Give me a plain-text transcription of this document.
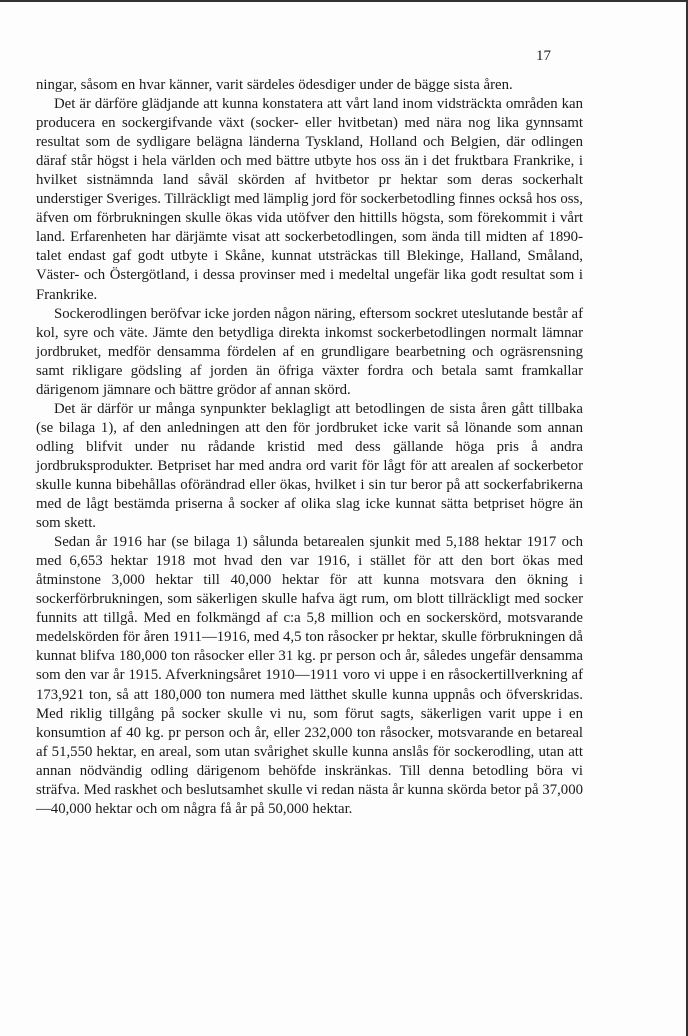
17

ningar, såsom en hvar känner, varit särdeles ödesdiger under de bägge sista åren.

Det är därföre glädjande att kunna konstatera att vårt land inom vidsträckta områden kan producera en sockergifvande växt (socker- eller hvitbetan) med nära nog lika gynnsamt resultat som de sydligare belägna länderna Tyskland, Holland och Belgien, där odlingen däraf står högst i hela världen och med bättre utbyte hos oss än i det fruktbara Frankrike, i hvilket sistnämnda land såväl skörden af hvitbetor pr hektar som deras sockerhalt understiger Sveriges. Tillräckligt med lämplig jord för sockerbetodling finnes också hos oss, äfven om förbrukningen skulle ökas vida utöfver den hittills högsta, som förekommit i vårt land. Erfarenheten har därjämte visat att sockerbetodlingen, som ända till midten af 1890-talet endast gaf godt utbyte i Skåne, kunnat utsträckas till Blekinge, Halland, Småland, Väster- och Östergötland, i dessa provinser med i medeltal ungefär lika godt resultat som i Frankrike.

Sockerodlingen beröfvar icke jorden någon näring, eftersom sockret uteslutande består af kol, syre och väte. Jämte den betydliga direkta inkomst sockerbetodlingen normalt lämnar jordbruket, medför densamma fördelen af en grundligare bearbetning och ogräsrensning samt rikligare gödsling af jorden än öfriga växter fordra och betala samt framkallar därigenom jämnare och bättre grödor af annan skörd.

Det är därför ur många synpunkter beklagligt att betodlingen de sista åren gått tillbaka (se bilaga 1), af den anledningen att den för jordbruket icke varit så lönande som annan odling blifvit under nu rådande kristid med dess gällande höga pris å andra jordbruksprodukter. Betpriset har med andra ord varit för lågt för att arealen af sockerbetor skulle kunna bibehållas oförändrad eller ökas, hvilket i sin tur beror på att sockerfabrikerna med de lågt bestämda priserna å socker af olika slag icke kunnat sätta betpriset högre än som skett.

Sedan år 1916 har (se bilaga 1) sålunda betarealen sjunkit med 5,188 hektar 1917 och med 6,653 hektar 1918 mot hvad den var 1916, i stället för att den bort ökas med åtminstone 3,000 hektar till 40,000 hektar för att kunna motsvara den ökning i sockerförbrukningen, som säkerligen skulle hafva ägt rum, om blott tillräckligt med socker funnits att tillgå. Med en folkmängd af c:a 5,8 million och en sockerskörd, motsvarande medelskörden för åren 1911—1916, med 4,5 ton råsocker pr hektar, skulle förbrukningen då kunnat blifva 180,000 ton råsocker eller 31 kg. pr person och år, således ungefär densamma som den var år 1915. Afverkningsåret 1910—1911 voro vi uppe i en råsockertillverkning af 173,921 ton, så att 180,000 ton numera med lätthet skulle kunna uppnås och öfverskridas. Med riklig tillgång på socker skulle vi nu, som förut sagts, säkerligen varit uppe i en konsumtion af 40 kg. pr person och år, eller 232,000 ton råsocker, motsvarande en betareal af 51,550 hektar, en areal, som utan svårighet skulle kunna anslås för sockerodling, utan att annan nödvändig odling därigenom behöfde inskränkas. Till denna betodling böra vi sträfva. Med raskhet och beslutsamhet skulle vi redan nästa år kunna skörda betor på 37,000—40,000 hektar och om några få år på 50,000 hektar.
